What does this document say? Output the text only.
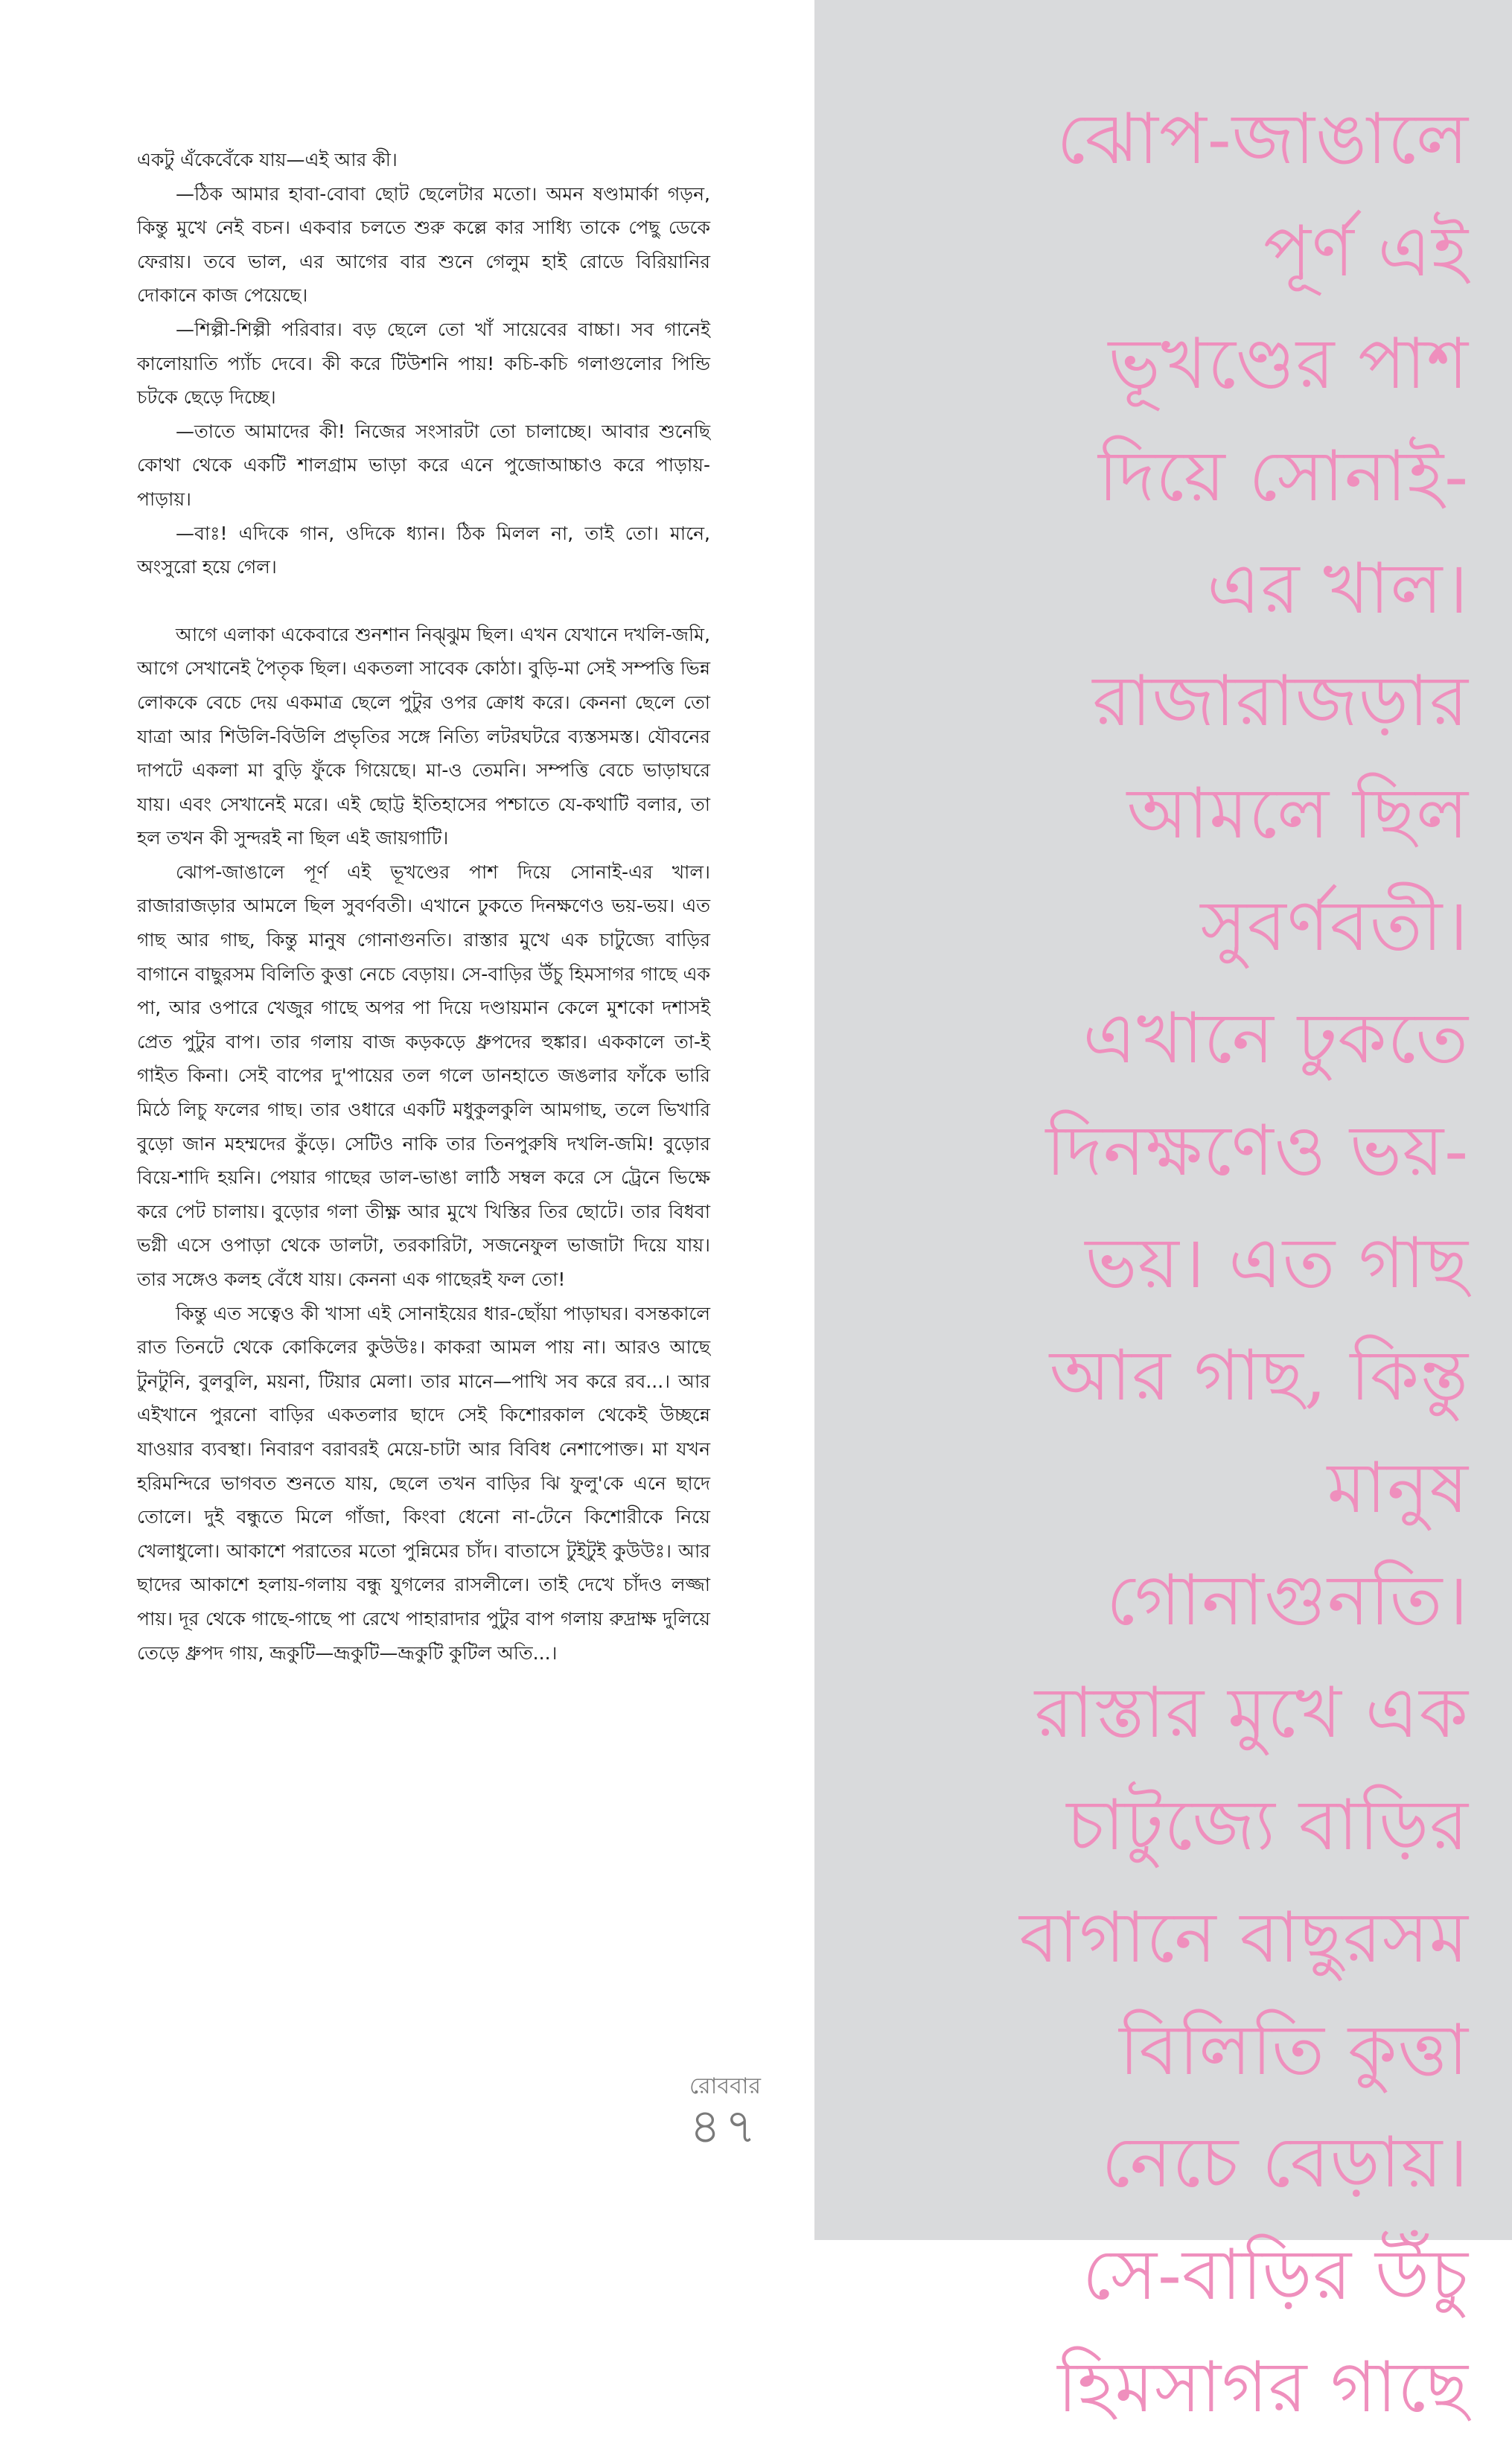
একটু এঁকেবেঁকে যায়—এই আর কী।

—ঠিক আমার হাবা-বোবা ছোট ছেলেটার মতো। অমন ষণ্ডামার্কা গড়ন, কিন্তু মুখে নেই বচন। একবার চলতে শুরু কল্লে কার সাধ্যি তাকে পেছু ডেকে ফেরায়। তবে ভাল, এর আগের বার শুনে গেলুম হাই রোডে বিরিয়ানির দোকানে কাজ পেয়েছে।

—শিল্পী-শিল্পী পরিবার। বড় ছেলে তো খাঁ সায়েবের বাচ্চা। সব গানেই কালোয়াতি প্যাঁচ দেবে। কী করে টিউশনি পায়! কচি-কচি গলাগুলোর পিন্ডি চটকে ছেড়ে দিচ্ছে।

—তাতে আমাদের কী! নিজের সংসারটা তো চালাচ্ছে। আবার শুনেছি কোথা থেকে একটি শালগ্রাম ভাড়া করে এনে পুজোআচ্চাও করে পাড়ায়-পাড়ায়।

—বাঃ! এদিকে গান, ওদিকে ধ্যান। ঠিক মিলল না, তাই তো। মানে, অংসুরো হয়ে গেল।

আগে এলাকা একেবারে শুনশান নিঝ্‌ঝুম ছিল। এখন যেখানে দখলি-জমি, আগে সেখানেই পৈতৃক ছিল। একতলা সাবেক কোঠা। বুড়ি-মা সেই সম্পত্তি ভিন্ন লোককে বেচে দেয় একমাত্র ছেলে পুটুর ওপর ক্রোধ করে। কেননা ছেলে তো যাত্রা আর শিউলি-বিউলি প্রভৃতির সঙ্গে নিত্যি লটরঘটরে ব্যস্তসমস্ত। যৌবনের দাপটে একলা মা বুড়ি ফুঁকে গিয়েছে। মা-ও তেমনি। সম্পত্তি বেচে ভাড়াঘরে যায়। এবং সেখানেই মরে। এই ছোট্ট ইতিহাসের পশ্চাতে যে-কথাটি বলার, তা হল তখন কী সুন্দরই না ছিল এই জায়গাটি।

ঝোপ-জাঙালে পূর্ণ এই ভূখণ্ডের পাশ দিয়ে সোনাই-এর খাল। রাজারাজড়ার আমলে ছিল সুবর্ণবতী। এখানে ঢুকতে দিনক্ষণেও ভয়-ভয়। এত গাছ আর গাছ, কিন্তু মানুষ গোনাগুনতি। রাস্তার মুখে এক চাটুজ্যে বাড়ির বাগানে বাছুরসম বিলিতি কুত্তা নেচে বেড়ায়। সে-বাড়ির উঁচু হিমসাগর গাছে এক পা, আর ওপারে খেজুর গাছে অপর পা দিয়ে দণ্ডায়মান কেলে মুশকো দশাসই প্রেত পুটুর বাপ। তার গলায় বাজ কড়কড়ে ধ্রুপদের হুঙ্কার। এককালে তা-ই গাইত কিনা। সেই বাপের দু'পায়ের তল গলে ডানহাতে জঙলার ফাঁকে ভারি মিঠে লিচু ফলের গাছ। তার ওধারে একটি মধুকুলকুলি আমগাছ, তলে ভিখারি বুড়ো জান মহম্মদের কুঁড়ে। সেটিও নাকি তার তিনপুরুষি দখলি-জমি! বুড়োর বিয়ে-শাদি হয়নি। পেয়ার গাছের ডাল-ভাঙা লাঠি সম্বল করে সে ট্রেনে ভিক্ষে করে পেট চালায়। বুড়োর গলা তীক্ষ্ণ আর মুখে খিস্তির তির ছোটে। তার বিধবা ভগ্নী এসে ওপাড়া থেকে ডালটা, তরকারিটা, সজনেফুল ভাজাটা দিয়ে যায়। তার সঙ্গেও কলহ বেঁধে যায়। কেননা এক গাছেরই ফল তো!

কিন্তু এত সত্বেও কী খাসা এই সোনাইয়ের ধার-ছোঁয়া পাড়াঘর। বসন্তকালে রাত তিনটে থেকে কোকিলের কুউউঃ। কাকরা আমল পায় না। আরও আছে টুনটুনি, বুলবুলি, ময়না, টিয়ার মেলা। তার মানে—পাখি সব করে রব...। আর এইখানে পুরনো বাড়ির একতলার ছাদে সেই কিশোরকাল থেকেই উচ্ছন্নে যাওয়ার ব্যবস্থা। নিবারণ বরাবরই মেয়ে-চাটা আর বিবিধ নেশাপোক্ত। মা যখন হরিমন্দিরে ভাগবত শুনতে যায়, ছেলে তখন বাড়ির ঝি ফুলু'কে এনে ছাদে তোলে। দুই বন্ধুতে মিলে গাঁজা, কিংবা ধেনো না-টেনে কিশোরীকে নিয়ে খেলাধুলো। আকাশে পরাতের মতো পুন্নিমের চাঁদ। বাতাসে টুইটুই কুউউঃ। আর ছাদের আকাশে হলায়-গলায় বন্ধু যুগলের রাসলীলে। তাই দেখে চাঁদও লজ্জা পায়। দূর থেকে গাছে-গাছে পা রেখে পাহারাদার পুটুর বাপ গলায় রুদ্রাক্ষ দুলিয়ে তেড়ে ধ্রুপদ গায়, ভ্রূকুটি—ভ্রূকুটি—ভ্রূকুটি কুটিল অতি...।

রোববার
৪৭
ঝোপ-জাঙালে
পূর্ণ এই
ভূখণ্ডের পাশ
দিয়ে সোনাই-
এর খাল।
রাজারাজড়ার
আমলে ছিল
সুবর্ণবতী।
এখানে ঢুকতে
দিনক্ষণেও ভয়-
ভয়। এত গাছ
আর গাছ, কিন্তু
মানুষ
গোনাগুনতি।
রাস্তার মুখে এক
চাটুজ্যে বাড়ির
বাগানে বাছুরসম
বিলিতি কুত্তা
নেচে বেড়ায়।
সে-বাড়ির উঁচু
হিমসাগর গাছে
